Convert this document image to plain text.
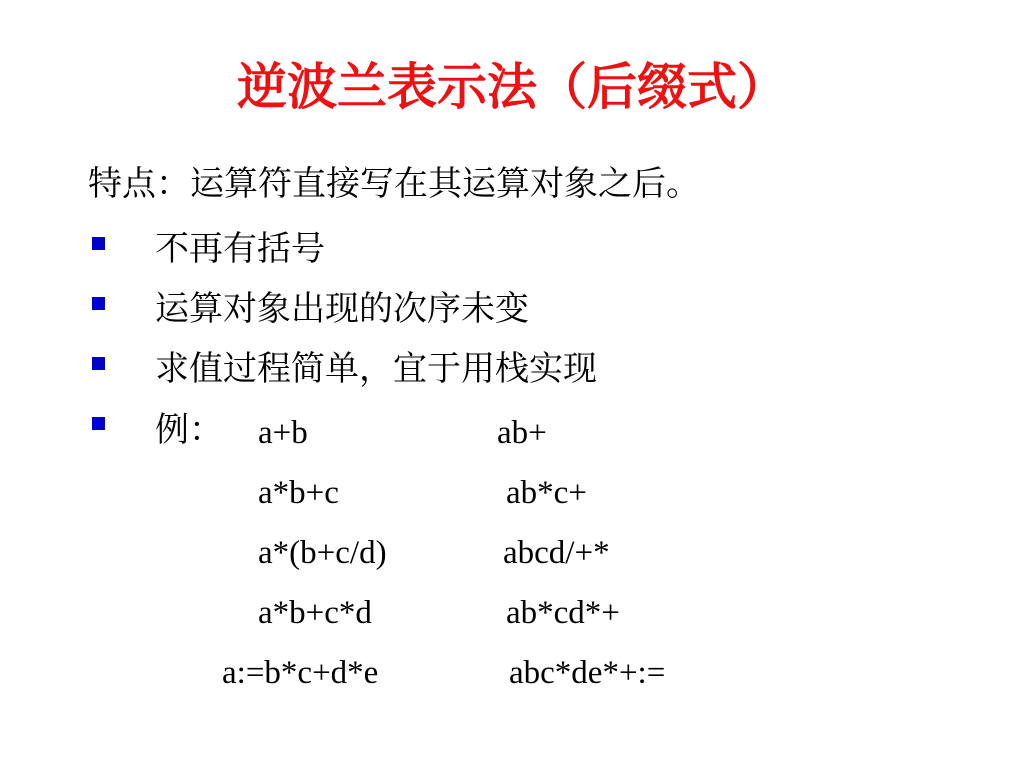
逆波兰表示法（后缀式）
特点：运算符直接写在其运算对象之后。
不再有括号
运算对象出现的次序未变
求值过程简单，宜于用栈实现
例： a+b	ab+
a*b+c	ab*c+
a*(b+c/d)	abcd/+*
a*b+c*d	ab*cd*+
a:=b*c+d*e	abc*de*+:=
